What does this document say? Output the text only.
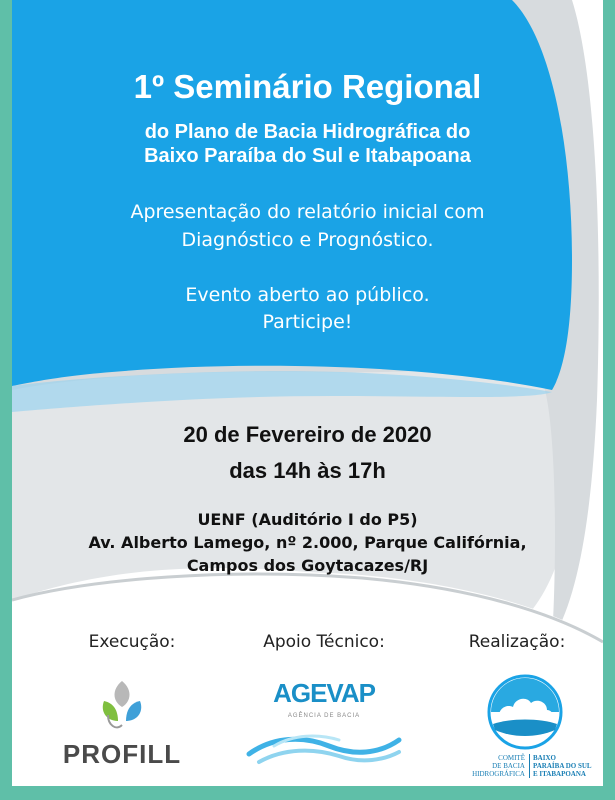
1º Seminário Regional
do Plano de Bacia Hidrográfica do
Baixo Paraíba do Sul e Itabapoana
Apresentação do relatório inicial com
Diagnóstico e Prognóstico.
Evento aberto ao público.
Participe!
20 de Fevereiro de 2020
das 14h às 17h
UENF (Auditório I do P5)
Av. Alberto Lamego, nº 2.000, Parque Califórnia,
Campos dos Goytacazes/RJ
Execução:	Apoio Técnico:	Realização:
PROFILL
AGEVAP
AGÊNCIA DE BACIA
COMITÊ
DE BACIA
HIDROGRÁFICA
BAIXO
PARAÍBA DO SUL
E ITABAPOANA
